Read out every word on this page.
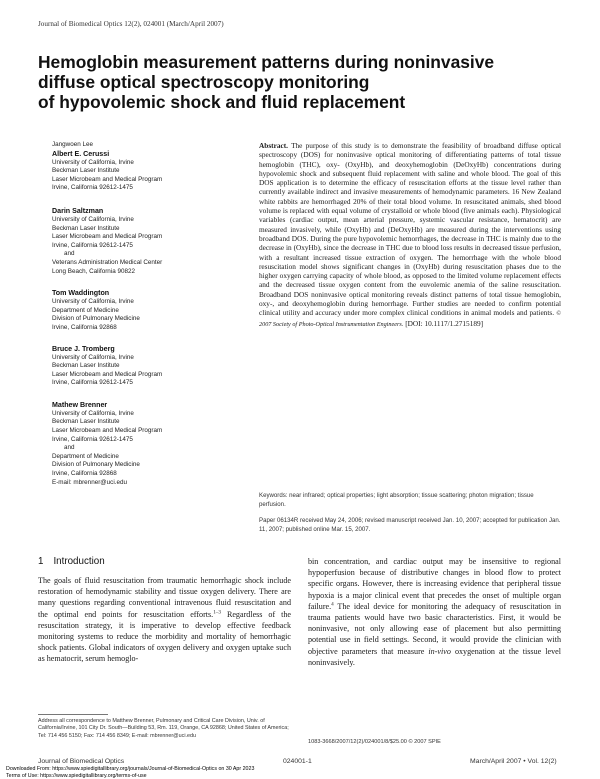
Journal of Biomedical Optics 12(2), 024001 (March/April 2007)
Hemoglobin measurement patterns during noninvasive
diffuse optical spectroscopy monitoring
of hypovolemic shock and fluid replacement
Jangwoen Lee
Albert E. Cerussi
University of California, Irvine
Beckman Laser Institute
Laser Microbeam and Medical Program
Irvine, California 92612-1475
Darin Saltzman
University of California, Irvine
Beckman Laser Institute
Laser Microbeam and Medical Program
Irvine, California 92612-1475
and
Veterans Administration Medical Center
Long Beach, California 90822
Tom Waddington
University of California, Irvine
Department of Medicine
Division of Pulmonary Medicine
Irvine, California 92868
Bruce J. Tromberg
University of California, Irvine
Beckman Laser Institute
Laser Microbeam and Medical Program
Irvine, California 92612-1475
Mathew Brenner
University of California, Irvine
Beckman Laser Institute
Laser Microbeam and Medical Program
Irvine, California 92612-1475
and
Department of Medicine
Division of Pulmonary Medicine
Irvine, California 92868
E-mail: mbrenner@uci.edu
Abstract. The purpose of this study is to demonstrate the feasibility of broadband diffuse optical spectroscopy (DOS) for noninvasive optical monitoring of differentiating patterns of total tissue hemoglobin (THC), oxy- (OxyHb), and deoxyhemoglobin (DeOxyHb) concentrations during hypovolemic shock and subsequent fluid replacement with saline and whole blood. The goal of this DOS application is to determine the efficacy of resuscitation efforts at the tissue level rather than currently available indirect and invasive measurements of hemodynamic parameters. 16 New Zealand white rabbits are hemorrhaged 20% of their total blood volume. In resuscitated animals, shed blood volume is replaced with equal volume of crystalloid or whole blood (five animals each). Physiological variables (cardiac output, mean arterial pressure, systemic vascular resistance, hematocrit) are measured invasively, while (OxyHb) and (DeOxyHb) are measured during the interventions using broadband DOS. During the pure hypovolemic hemorrhages, the decrease in THC is mainly due to the decrease in (OxyHb), since the decrease in THC due to blood loss results in decreased tissue perfusion, with a resultant increased tissue extraction of oxygen. The hemorrhage with the whole blood resuscitation model shows significant changes in (OxyHb) during resuscitation phases due to the higher oxygen carrying capacity of whole blood, as opposed to the limited volume replacement effects and the decreased tissue oxygen content from the euvolemic anemia of the saline resuscitation. Broadband DOS noninvasive optical monitoring reveals distinct patterns of total tissue hemoglobin, oxy-, and deoxyhemoglobin during hemorrhage. Further studies are needed to confirm potential clinical utility and accuracy under more complex clinical conditions in animal models and patients. © 2007 Society of Photo-Optical Instrumentation Engineers. [DOI: 10.1117/1.2715189]
Keywords: near infrared; optical properties; light absorption; tissue scattering; photon migration; tissue perfusion.
Paper 06134R received May 24, 2006; revised manuscript received Jan. 10, 2007; accepted for publication Jan. 11, 2007; published online Mar. 15, 2007.
1 Introduction

The goals of fluid resuscitation from traumatic hemorrhagic shock include restoration of hemodynamic stability and tissue oxygen delivery. There are many questions regarding conventional intravenous fluid resuscitation and the optimal end points for resuscitation efforts.$^{1-3}$ Regardless of the resuscitation strategy, it is imperative to develop effective feedback monitoring systems to reduce the morbidity and mortality of hemorrhagic shock patients. Global indicators of oxygen delivery and oxygen uptake such as hematocrit, serum hemoglo-

bin concentration, and cardiac output may be insensitive to regional hypoperfusion because of distributive changes in blood flow to protect specific organs. However, there is increasing evidence that peripheral tissue hypoxia is a major clinical event that precedes the onset of multiple organ failure.$^4$ The ideal device for monitoring the adequacy of resuscitation in trauma patients would have two basic characteristics. First, it would be noninvasive, not only allowing ease of placement but also permitting potential use in field settings. Second, it would provide the clinician with objective parameters that measure in-vivo oxygenation at the tissue level noninvasively.

Address all correspondence to Matthew Brenner, Pulmonary and Critical Care Division, Univ. of California/Irvine, 101 City Dr. South—Building 53, Rm. 119, Orange, CA 92868; United States of America; Tel: 714 456 5150; Fax: 714 456 8349; E-mail: mbrenner@uci.edu
1083-3668/2007/12(2)/024001/8/$25.00 © 2007 SPIE
Journal of Biomedical Optics	024001-1	March/April 2007 • Vol. 12(2)
Downloaded From: https://www.spiedigitallibrary.org/journals/Journal-of-Biomedical-Optics on 30 Apr 2023
Terms of Use: https://www.spiedigitallibrary.org/terms-of-use
